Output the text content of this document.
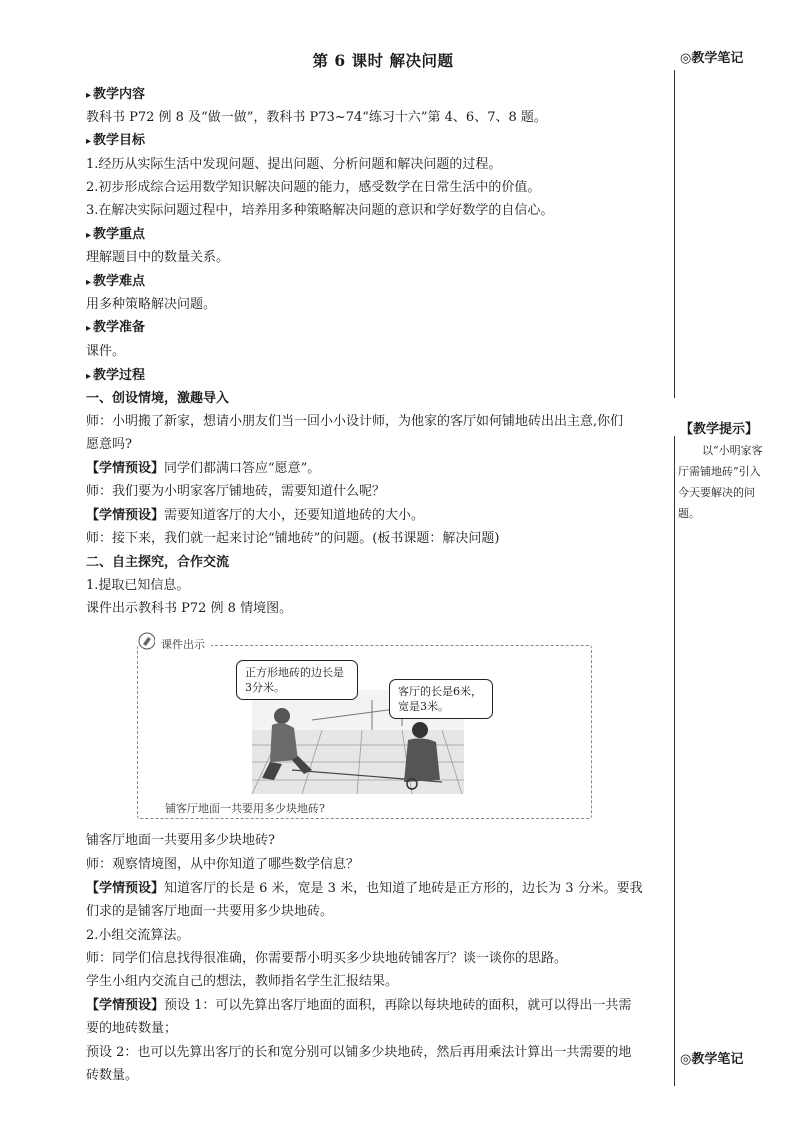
第 6 课时 解决问题	◎教学笔记
【教学提示】

以“小明家客

厅需铺地砖”引入

今天要解决的问

题。

◎教学笔记
▸ 教学内容
教科书 P72 例 8 及“做一做”，教科书 P73~74“练习十六”第 4、6、7、8 题。
▸ 教学目标
1.经历从实际生活中发现问题、提出问题、分析问题和解决问题的过程。
2.初步形成综合运用数学知识解决问题的能力，感受数学在日常生活中的价值。
3.在解决实际问题过程中，培养用多种策略解决问题的意识和学好数学的自信心。
▸ 教学重点
理解题目中的数量关系。
▸ 教学难点
用多种策略解决问题。
▸ 教学准备
课件。
▸ 教学过程
一、创设情境，激趣导入
师：小明搬了新家，想请小朋友们当一回小小设计师，为他家的客厅如何铺地砖出出主意,你们
愿意吗?
【学情预设】同学们都满口答应“愿意”。
师：我们要为小明家客厅铺地砖，需要知道什么呢？
【学情预设】需要知道客厅的大小，还要知道地砖的大小。
师：接下来，我们就一起来讨论“铺地砖”的问题。(板书课题：解决问题)
二、自主探究，合作交流
1.提取已知信息。
课件出示教科书 P72 例 8 情境图。
课件出示
正方形地砖的边长是3分米。	客厅的长是6米，宽是3米。
铺客厅地面一共要用多少块地砖?
铺客厅地面一共要用多少块地砖?
师：观察情境图，从中你知道了哪些数学信息？
【学情预设】知道客厅的长是 6 米，宽是 3 米，也知道了地砖是正方形的，边长为 3 分米。要我
们求的是铺客厅地面一共要用多少块地砖。
2.小组交流算法。
师：同学们信息找得很准确，你需要帮小明买多少块地砖铺客厅？谈一谈你的思路。
学生小组内交流自己的想法，教师指名学生汇报结果。
【学情预设】预设 1：可以先算出客厅地面的面积，再除以每块地砖的面积，就可以得出一共需
要的地砖数量；
预设 2：也可以先算出客厅的长和宽分别可以铺多少块地砖，然后再用乘法计算出一共需要的地
砖数量。
